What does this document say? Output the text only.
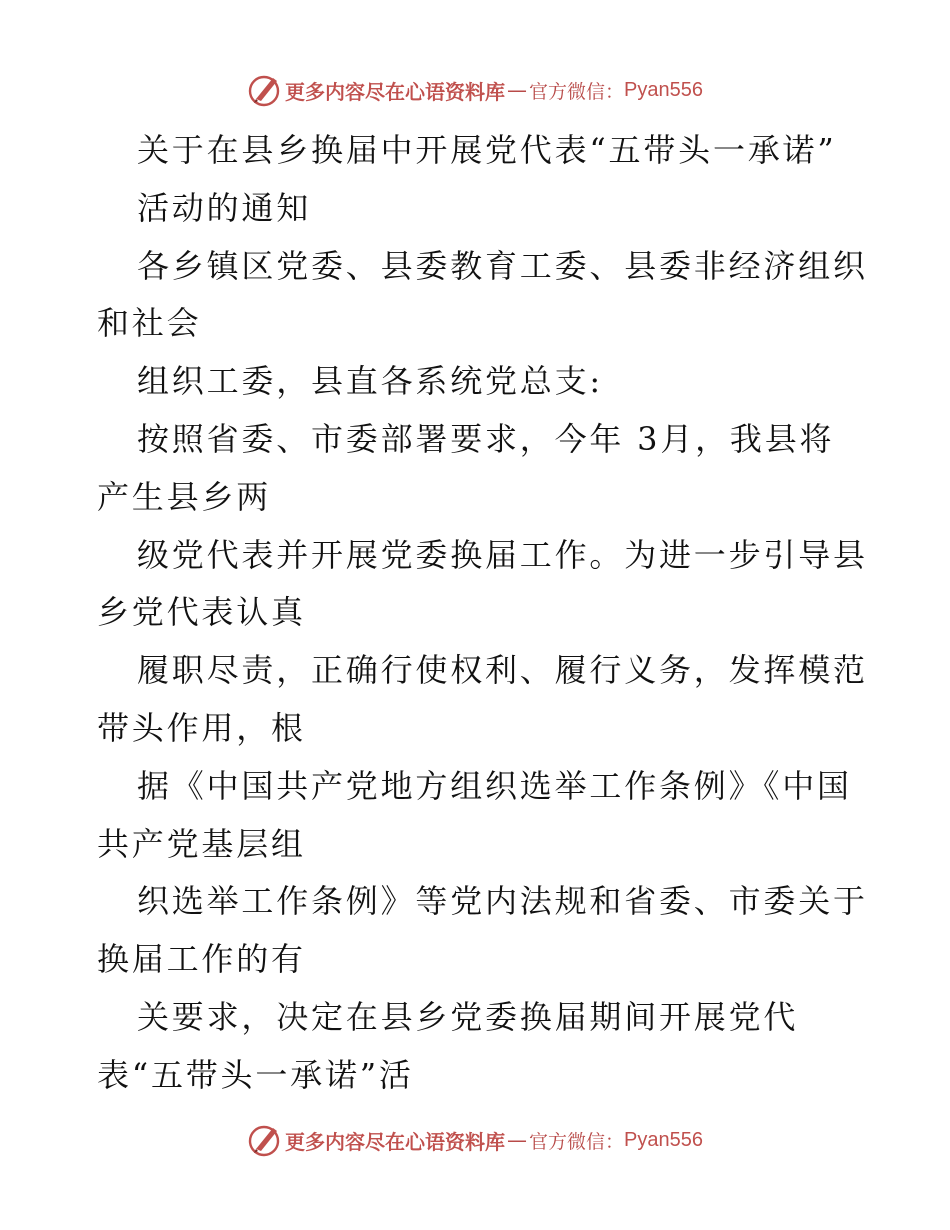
更多内容尽在心语资料库 — 官方微信： Pyan556
关于在县乡换届中开展党代表“五带头一承诺”
活动的通知
各乡镇区党委、县委教育工委、县委非经济组织
和社会
组织工委，县直各系统党总支:
按照省委、市委部署要求，今年 3月，我县将
产生县乡两
级党代表并开展党委换届工作。为进一步引导县
乡党代表认真
履职尽责，正确行使权利、履行义务，发挥模范
带头作用，根
据《中国共产党地方组织选举工作条例》《中国
共产党基层组
织选举工作条例》等党内法规和省委、市委关于
换届工作的有
关要求，决定在县乡党委换届期间开展党代
表“五带头一承诺”活
更多内容尽在心语资料库 — 官方微信： Pyan556
